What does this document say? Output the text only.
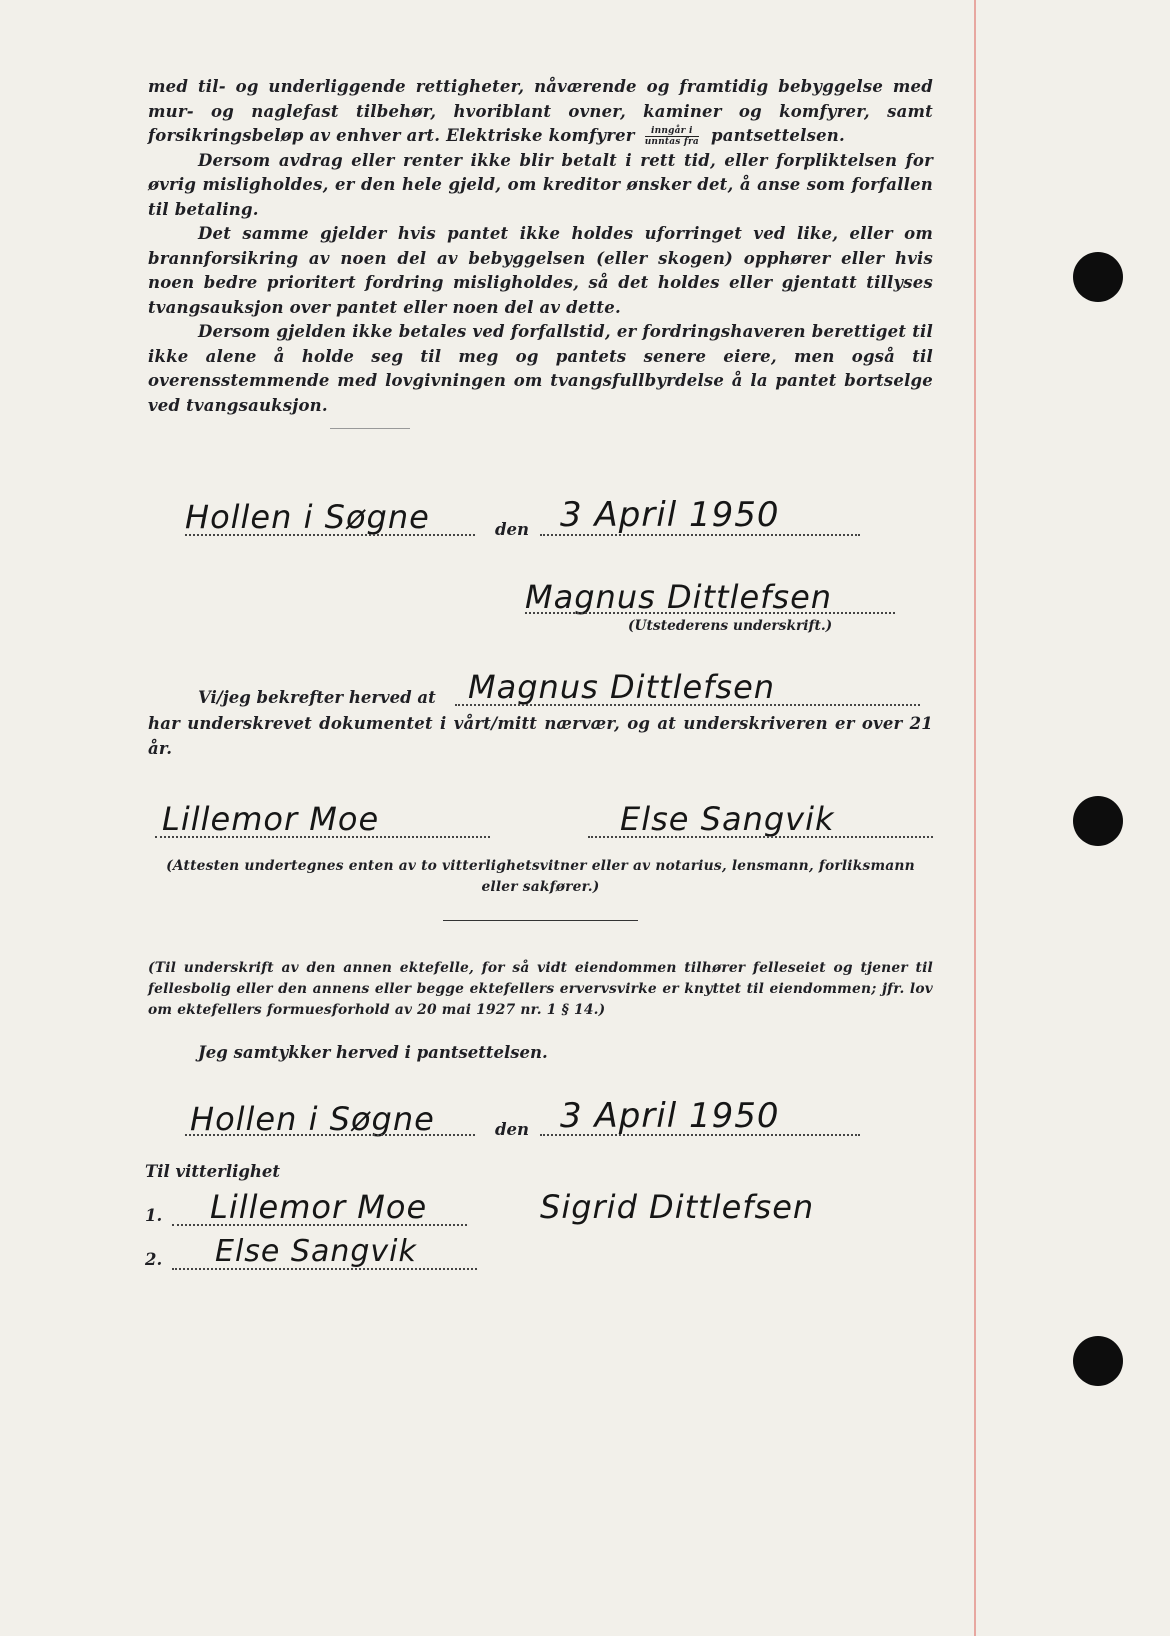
med til- og underliggende rettigheter, nåværende og framtidig bebyggelse med mur- og naglefast tilbehør, hvoriblant ovner, kaminer og komfyrer, samt forsikringsbeløp av enhver art. Elektriske komfyrer $\frac{\text{inngår i}}{\text{unntas fra}}$ pantsettelsen.

Dersom avdrag eller renter ikke blir betalt i rett tid, eller forpliktelsen for øvrig misligholdes, er den hele gjeld, om kreditor ønsker det, å anse som forfallen til betaling.

Det samme gjelder hvis pantet ikke holdes uforringet ved like, eller om brannforsikring av noen del av bebyggelsen (eller skogen) opphører eller hvis noen bedre prioritert fordring misligholdes, så det holdes eller gjentatt tillyses tvangsauksjon over pantet eller noen del av dette.

Dersom gjelden ikke betales ved forfallstid, er fordringshaveren berettiget til ikke alene å holde seg til meg og pantets senere eiere, men også til overensstemmende med lovgivningen om tvangsfullbyrdelse å la pantet bortselge ved tvangsauksjon.

Hollen i Søgne	den 3 April 1950
Magnus Dittlefsen
(Utstederens underskrift.)
Vi/jeg bekrefter herved at Magnus Dittlefsen
har underskrevet dokumentet i vårt/mitt nærvær, og at underskriveren er over 21 år.
Lillemor Moe	Else Sangvik
(Attesten undertegnes enten av to vitterlighetsvitner eller av notarius, lensmann, forliksmann eller sakfører.)
(Til underskrift av den annen ektefelle, for så vidt eiendommen tilhører felleseiet og tjener til fellesbolig eller den annens eller begge ektefellers ervervsvirke er knyttet til eiendommen; jfr. lov om ektefellers formuesforhold av 20 mai 1927 nr. 1 § 14.)
Jeg samtykker herved i pantsettelsen.
Hollen i Søgne	den 3 April 1950
Til vitterlighet
1. Lillemor Moe	Sigrid Dittlefsen
2. Else Sangvik
